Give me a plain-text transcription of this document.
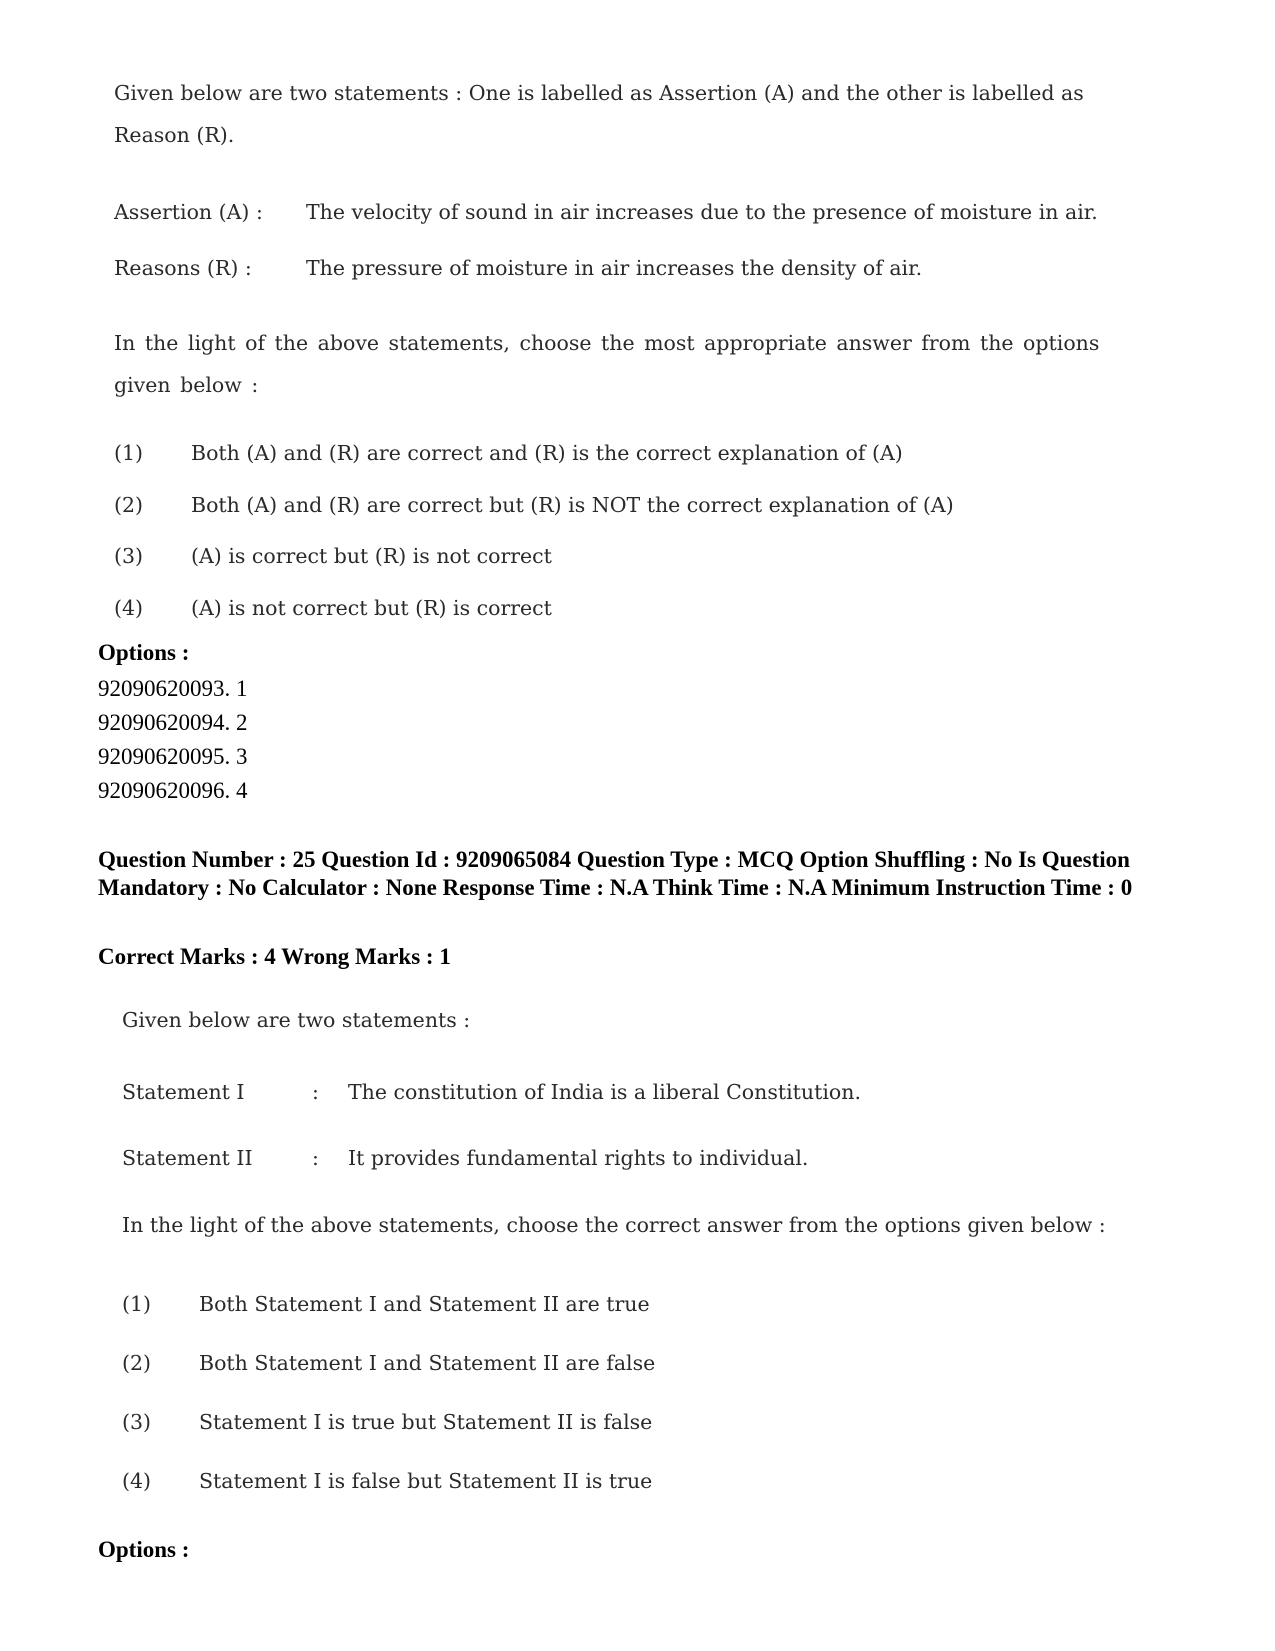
Given below are two statements : One is labelled as Assertion (A) and the other is labelled as Reason (R).

Assertion (A) : The velocity of sound in air increases due to the presence of moisture in air.
Reasons (R) :	The pressure of moisture in air increases the density of air.

In the light of the above statements, choose the most appropriate answer from the options given below :

(1) Both (A) and (R) are correct and (R) is the correct explanation of (A)
(2) Both (A) and (R) are correct but (R) is NOT the correct explanation of (A)
(3) (A) is correct but (R) is not correct
(4) (A) is not correct but (R) is correct
Options :
92090620093. 1
92090620094. 2
92090620095. 3
92090620096. 4
Question Number : 25 Question Id : 9209065084 Question Type : MCQ Option Shuffling : No Is Question Mandatory : No Calculator : None Response Time : N.A Think Time : N.A Minimum Instruction Time : 0
Correct Marks : 4 Wrong Marks : 1

Given below are two statements :

Statement I	: The constitution of India is a liberal Constitution.
Statement II	: It provides fundamental rights to individual.

In the light of the above statements, choose the correct answer from the options given below :

(1) Both Statement I and Statement II are true
(2) Both Statement I and Statement II are false
(3) Statement I is true but Statement II is false
(4) Statement I is false but Statement II is true
Options :
